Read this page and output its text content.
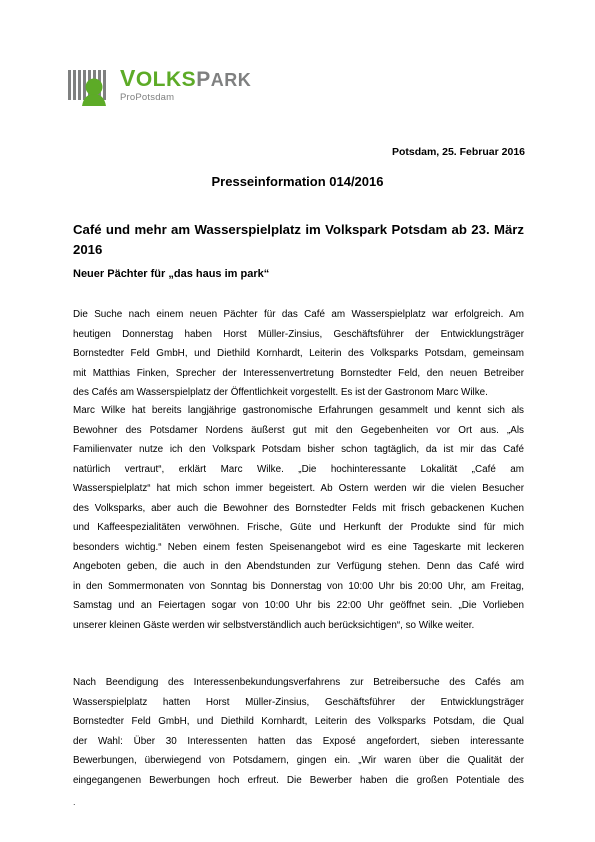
VOLKSPARK
ProPotsdam
Potsdam, 25. Februar 2016
Presseinformation 014/2016
Café und mehr am Wasserspielplatz im Volkspark Potsdam ab 23. März 2016
Neuer Pächter für „das haus im park“
Die Suche nach einem neuen Pächter für das Café am Wasserspielplatz war erfolgreich. Am
heutigen Donnerstag haben Horst Müller-Zinsius, Geschäftsführer der Entwicklungsträger
Bornstedter Feld GmbH, und Diethild Kornhardt, Leiterin des Volksparks Potsdam, gemeinsam
mit Matthias Finken, Sprecher der Interessenvertretung Bornstedter Feld, den neuen Betreiber
des Cafés am Wasserspielplatz der Öffentlichkeit vorgestellt. Es ist der Gastronom Marc Wilke.
Marc Wilke hat bereits langjährige gastronomische Erfahrungen gesammelt und kennt sich als
Bewohner des Potsdamer Nordens äußerst gut mit den Gegebenheiten vor Ort aus. „Als
Familienvater nutze ich den Volkspark Potsdam bisher schon tagtäglich, da ist mir das Café
natürlich vertraut“, erklärt Marc Wilke. „Die hochinteressante Lokalität „Café am
Wasserspielplatz“ hat mich schon immer begeistert. Ab Ostern werden wir die vielen Besucher
des Volksparks, aber auch die Bewohner des Bornstedter Felds mit frisch gebackenen Kuchen
und Kaffeespezialitäten verwöhnen. Frische, Güte und Herkunft der Produkte sind für mich
besonders wichtig.“ Neben einem festen Speisenangebot wird es eine Tageskarte mit leckeren
Angeboten geben, die auch in den Abendstunden zur Verfügung stehen. Denn das Café wird
in den Sommermonaten von Sonntag bis Donnerstag von 10:00 Uhr bis 20:00 Uhr, am Freitag,
Samstag und an Feiertagen sogar von 10:00 Uhr bis 22:00 Uhr geöffnet sein. „Die Vorlieben
unserer kleinen Gäste werden wir selbstverständlich auch berücksichtigen“, so Wilke weiter.
Nach Beendigung des Interessenbekundungsverfahrens zur Betreibersuche des Cafés am
Wasserspielplatz hatten Horst Müller-Zinsius, Geschäftsführer der Entwicklungsträger
Bornstedter Feld GmbH, und Diethild Kornhardt, Leiterin des Volksparks Potsdam, die Qual
der Wahl: Über 30 Interessenten hatten das Exposé angefordert, sieben interessante
Bewerbungen, überwiegend von Potsdamern, gingen ein. „Wir waren über die Qualität der
eingegangenen Bewerbungen hoch erfreut. Die Bewerber haben die großen Potentiale des
.
